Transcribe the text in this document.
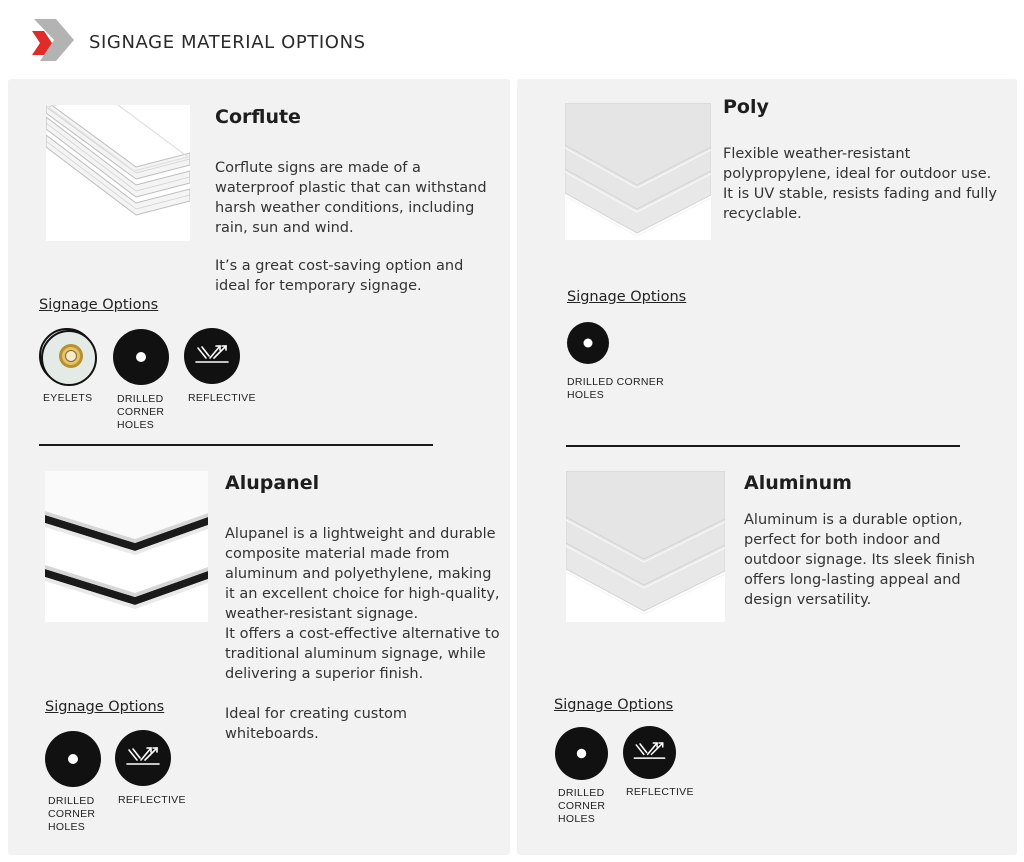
SIGNAGE MATERIAL OPTIONS
Corflute

Corflute signs are made of a
waterproof plastic that can withstand
harsh weather conditions, including
rain, sun and wind.

It’s a great cost-saving option and
ideal for temporary signage.

Signage Options
EYELETS	DRILLED
CORNER
HOLES
REFLECTIVE
Alupanel

Alupanel is a lightweight and durable
composite material made from
aluminum and polyethylene, making
it an excellent choice for high-quality,
weather-resistant signage.
It offers a cost-effective alternative to
traditional aluminum signage, while
delivering a superior finish.

Ideal for creating custom
whiteboards.

Signage Options
DRILLED
CORNER
HOLES
REFLECTIVE
Poly

Flexible weather-resistant
polypropylene, ideal for outdoor use.
It is UV stable, resists fading and fully
recyclable.

Signage Options
DRILLED CORNER
HOLES
Aluminum

Aluminum is a durable option,
perfect for both indoor and
outdoor signage. Its sleek finish
offers long-lasting appeal and
design versatility.

Signage Options
DRILLED
CORNER
HOLES
REFLECTIVE
